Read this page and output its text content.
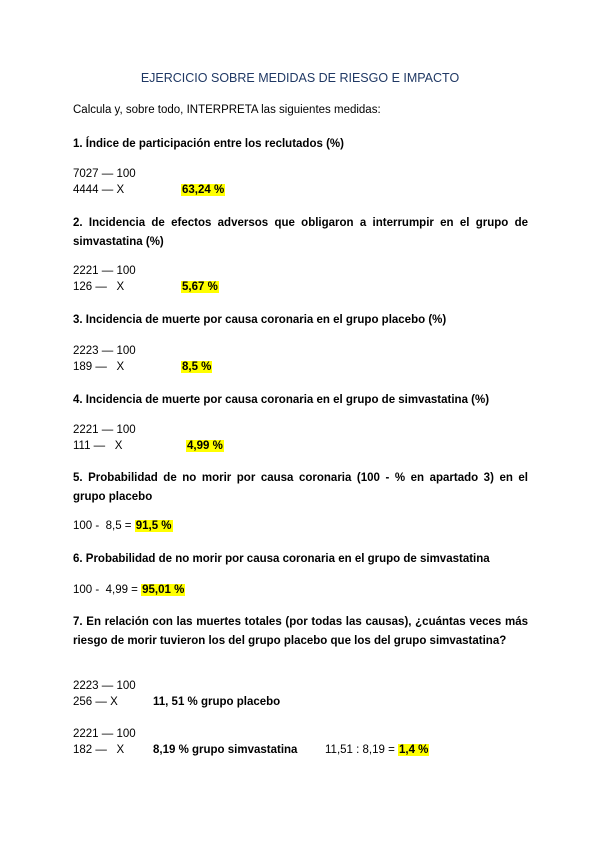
EJERCICIO SOBRE MEDIDAS DE RIESGO E IMPACTO
Calcula y, sobre todo, INTERPRETA las siguientes medidas:
1. Índice de participación entre los reclutados (%)
7027 — 100
4444 — X	63,24 %
2. Incidencia de efectos adversos que obligaron a interrumpir en el grupo de simvastatina (%)
2221 — 100
126 —   X	5,67 %
3. Incidencia de muerte por causa coronaria en el grupo placebo (%)
2223 — 100
189 —   X	8,5 %
4. Incidencia de muerte por causa coronaria en el grupo de simvastatina (%)
2221 — 100
111 —   X	4,99 %
5. Probabilidad de no morir por causa coronaria (100 - % en apartado 3) en el grupo placebo
100 -  8,5 = 91,5 %
6. Probabilidad de no morir por causa coronaria en el grupo de simvastatina
100 -  4,99 = 95,01 %
7. En relación con las muertes totales (por todas las causas), ¿cuántas veces más riesgo de morir tuvieron los del grupo placebo que los del grupo simvastatina?
2223 — 100
256 — X	11, 51 % grupo placebo
2221 — 100
182 —   X	8,19 % grupo simvastatina 11,51 : 8,19 = 1,4 %
